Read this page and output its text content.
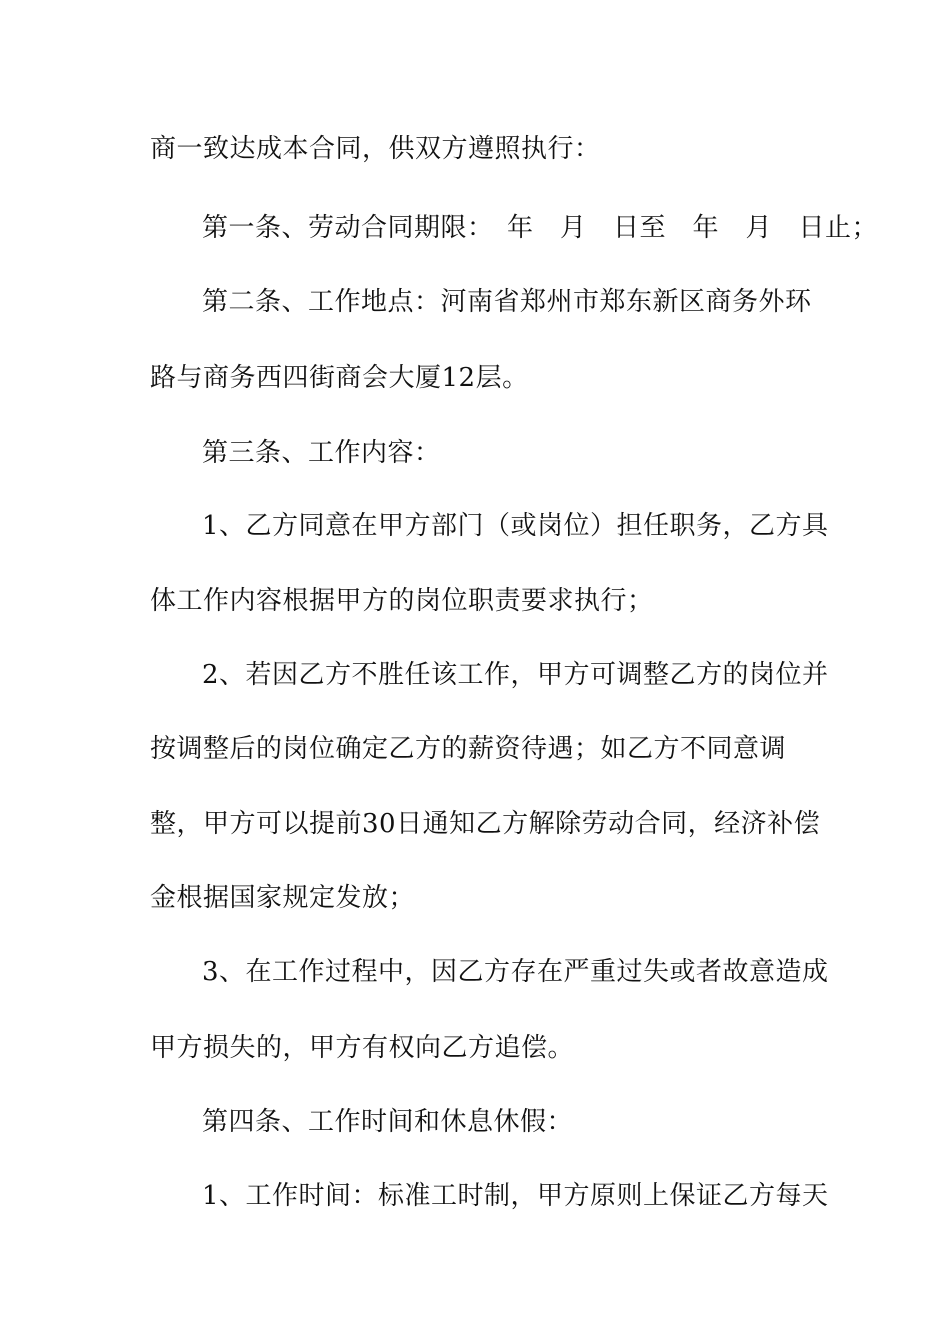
商一致达成本合同，供双方遵照执行：
第一条、劳动合同期限：　年　月　日至　年　月　日止；
第二条、工作地点：河南省郑州市郑东新区商务外环
路与商务西四街商会大厦12层。
第三条、工作内容：
1、乙方同意在甲方部门（或岗位）担任职务，乙方具
体工作内容根据甲方的岗位职责要求执行；
2、若因乙方不胜任该工作，甲方可调整乙方的岗位并
按调整后的岗位确定乙方的薪资待遇；如乙方不同意调
整，甲方可以提前30日通知乙方解除劳动合同，经济补偿
金根据国家规定发放；
3、在工作过程中，因乙方存在严重过失或者故意造成
甲方损失的，甲方有权向乙方追偿。
第四条、工作时间和休息休假：
1、工作时间：标准工时制，甲方原则上保证乙方每天
